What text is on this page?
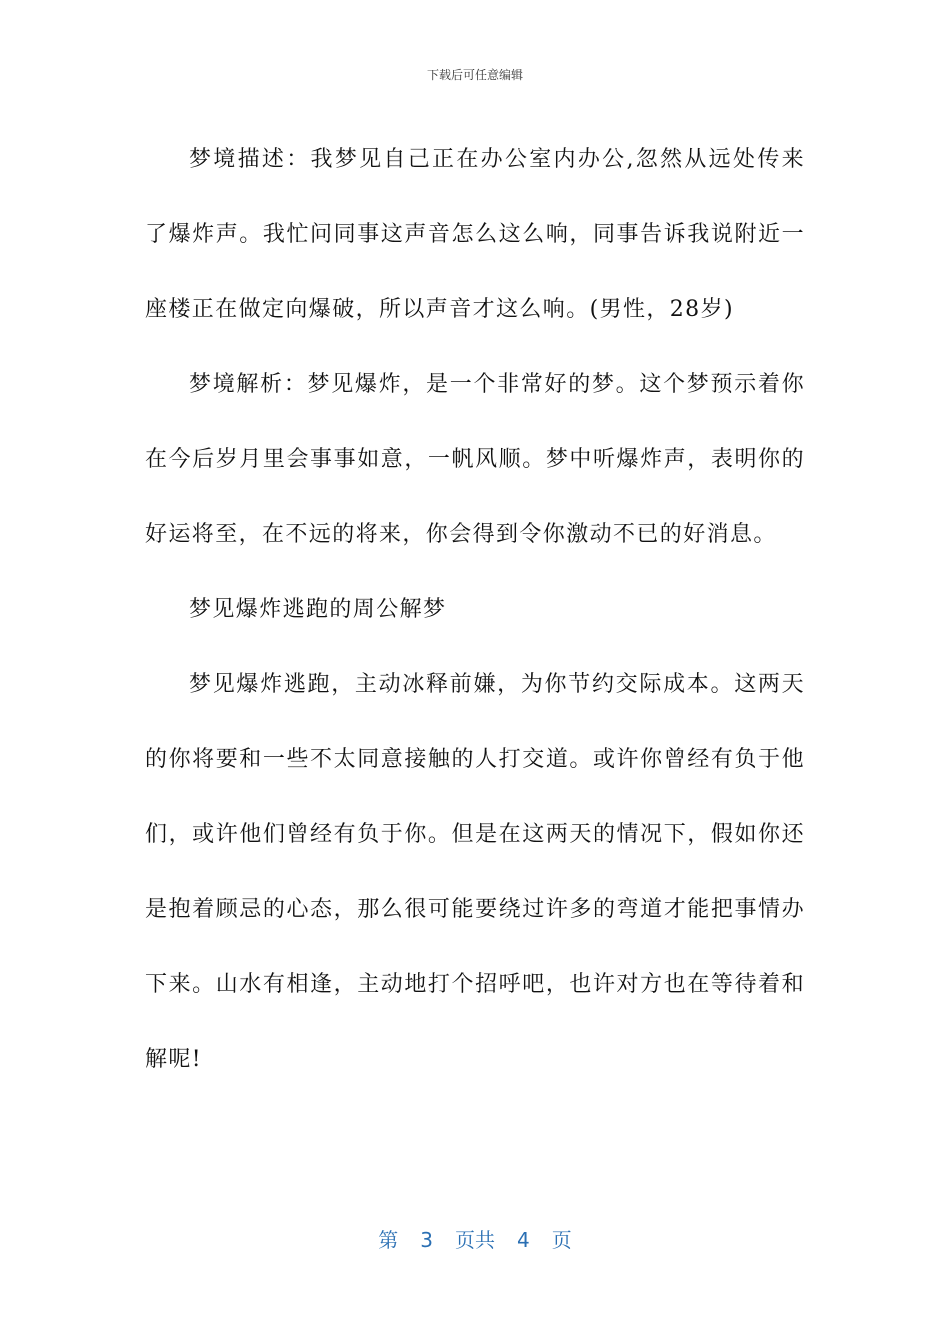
下载后可任意编辑

梦境描述：我梦见自己正在办公室内办公,忽然从远处传来了爆炸声。我忙问同事这声音怎么这么响，同事告诉我说附近一座楼正在做定向爆破，所以声音才这么响。(男性，28岁)

梦境解析：梦见爆炸，是一个非常好的梦。这个梦预示着你在今后岁月里会事事如意，一帆风顺。梦中听爆炸声，表明你的好运将至，在不远的将来，你会得到令你激动不已的好消息。

梦见爆炸逃跑的周公解梦

梦见爆炸逃跑，主动冰释前嫌，为你节约交际成本。这两天的你将要和一些不太同意接触的人打交道。或许你曾经有负于他们，或许他们曾经有负于你。但是在这两天的情况下，假如你还是抱着顾忌的心态，那么很可能要绕过许多的弯道才能把事情办下来。山水有相逢，主动地打个招呼吧，也许对方也在等待着和解呢!

第 3 页共 4 页
